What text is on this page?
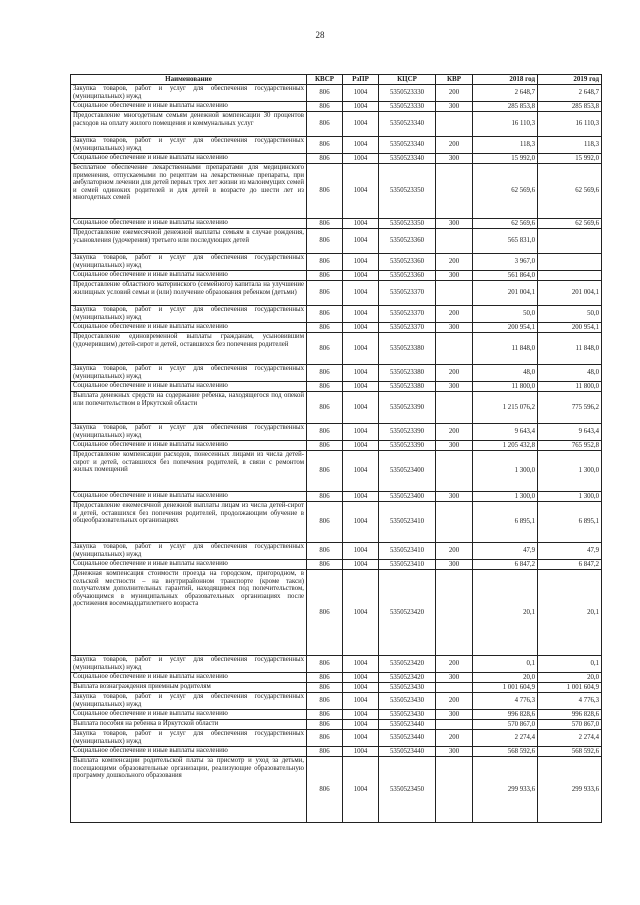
28
Наименование	КВСР	РзПР	КЦСР	КВР	2018 год	2019 год
Закупка товаров, работ и услуг для обеспечения государственных (муниципальных) нужд	806	1004	5350523330	200	2 648,7	2 648,7
Социальное обеспечение и иные выплаты населению	806	1004	5350523330	300	285 853,8	285 853,8
Предоставление многодетным семьям денежной компенсации 30 процентов расходов на оплату жилого помещения и коммунальных услуг	806	1004	5350523340		16 110,3	16 110,3
Закупка товаров, работ и услуг для обеспечения государственных (муниципальных) нужд	806	1004	5350523340	200	118,3	118,3
Социальное обеспечение и иные выплаты населению	806	1004	5350523340	300	15 992,0	15 992,0
Бесплатное обеспечение лекарственными препаратами для медицинского применения, отпускаемыми по рецептам на лекарственные препараты, при амбулаторном лечении для детей первых трех лет жизни из малоимущих семей и семей одиноких родителей и для детей в возрасте до шести лет из многодетных семей	806	1004	5350523350		62 569,6	62 569,6
Социальное обеспечение и иные выплаты населению	806	1004	5350523350	300	62 569,6	62 569,6
Предоставление ежемесячной денежной выплаты семьям в случае рождения, усыновления (удочерения) третьего или последующих детей	806	1004	5350523360		565 831,0	
Закупка товаров, работ и услуг для обеспечения государственных (муниципальных) нужд	806	1004	5350523360	200	3 967,0	
Социальное обеспечение и иные выплаты населению	806	1004	5350523360	300	561 864,0	
Предоставление областного материнского (семейного) капитала на улучшение жилищных условий семьи и (или) получение образования ребенком (детьми)	806	1004	5350523370		201 004,1	201 004,1
Закупка товаров, работ и услуг для обеспечения государственных (муниципальных) нужд	806	1004	5350523370	200	50,0	50,0
Социальное обеспечение и иные выплаты населению	806	1004	5350523370	300	200 954,1	200 954,1
Предоставление единовременной выплаты гражданам, усыновившим (удочерившим) детей-сирот и детей, оставшихся без попечения родителей	806	1004	5350523380		11 848,0	11 848,0
Закупка товаров, работ и услуг для обеспечения государственных (муниципальных) нужд	806	1004	5350523380	200	48,0	48,0
Социальное обеспечение и иные выплаты населению	806	1004	5350523380	300	11 800,0	11 800,0
Выплата денежных средств на содержание ребенка, находящегося под опекой или попечительством в Иркутской области	806	1004	5350523390		1 215 076,2	775 596,2
Закупка товаров, работ и услуг для обеспечения государственных (муниципальных) нужд	806	1004	5350523390	200	9 643,4	9 643,4
Социальное обеспечение и иные выплаты населению	806	1004	5350523390	300	1 205 432,8	765 952,8
Предоставление компенсации расходов, понесенных лицами из числа детей-сирот и детей, оставшихся без попечения родителей, в связи с ремонтом жилых помещений	806	1004	5350523400		1 300,0	1 300,0
Социальное обеспечение и иные выплаты населению	806	1004	5350523400	300	1 300,0	1 300,0
Предоставление ежемесячной денежной выплаты лицам из числа детей-сирот и детей, оставшихся без попечения родителей, продолжающим обучение в общеобразовательных организациях	806	1004	5350523410		6 895,1	6 895,1
Закупка товаров, работ и услуг для обеспечения государственных (муниципальных) нужд	806	1004	5350523410	200	47,9	47,9
Социальное обеспечение и иные выплаты населению	806	1004	5350523410	300	6 847,2	6 847,2
Денежная компенсация стоимости проезда на городском, пригородном, в сельской местности – на внутрирайонном транспорте (кроме такси) получателям дополнительных гарантий, находящимся под попечительством, обучающимся в муниципальных образовательных организациях после достижения восемнадцатилетнего возраста	806	1004	5350523420		20,1	20,1
Закупка товаров, работ и услуг для обеспечения государственных (муниципальных) нужд	806	1004	5350523420	200	0,1	0,1
Социальное обеспечение и иные выплаты населению	806	1004	5350523420	300	20,0	20,0
Выплата вознаграждения приемным родителям	806	1004	5350523430		1 001 604,9	1 001 604,9
Закупка товаров, работ и услуг для обеспечения государственных (муниципальных) нужд	806	1004	5350523430	200	4 776,3	4 776,3
Социальное обеспечение и иные выплаты населению	806	1004	5350523430	300	996 828,6	996 828,6
Выплата пособия на ребенка в Иркутской области	806	1004	5350523440		570 867,0	570 867,0
Закупка товаров, работ и услуг для обеспечения государственных (муниципальных) нужд	806	1004	5350523440	200	2 274,4	2 274,4
Социальное обеспечение и иные выплаты населению	806	1004	5350523440	300	568 592,6	568 592,6
Выплата компенсации родительской платы за присмотр и уход за детьми, посещающими образовательные организации, реализующие образовательную программу дошкольного образования	806	1004	5350523450		299 933,6	299 933,6
